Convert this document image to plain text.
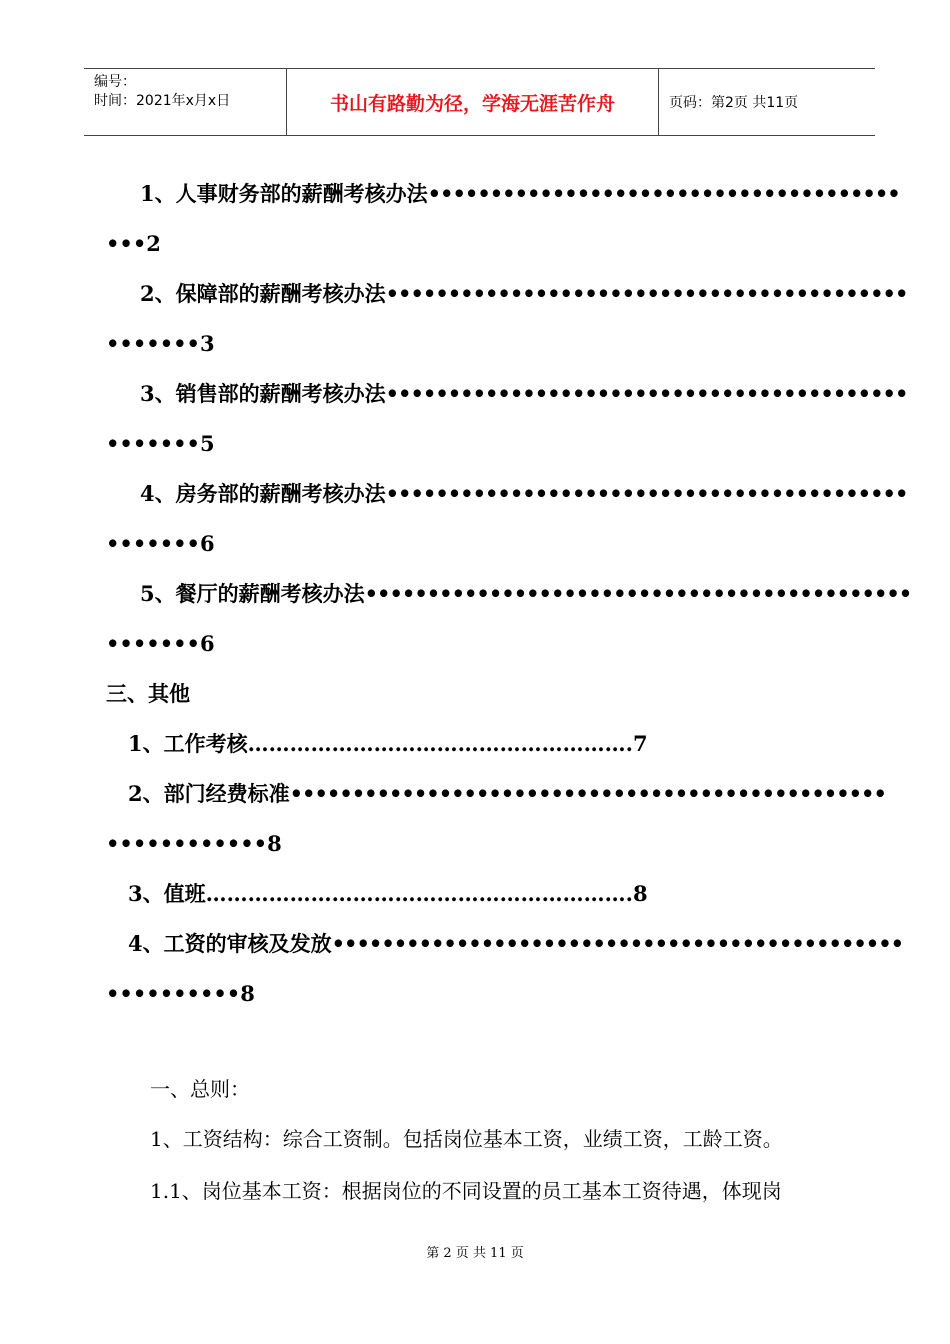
编号：
时间：2021年x月x日	书山有路勤为径，学海无涯苦作舟	页码：第2页 共11页
1、人事财务部的薪酬考核办法••••••••••••••••••••••••••••••••••••••
•••2
2、保障部的薪酬考核办法••••••••••••••••••••••••••••••••••••••••••
•••••••3
3、销售部的薪酬考核办法••••••••••••••••••••••••••••••••••••••••••
•••••••5
4、房务部的薪酬考核办法••••••••••••••••••••••••••••••••••••••••••
•••••••6
5、餐厅的薪酬考核办法••••••••••••••••••••••••••••••••••••••••••••
•••••••6
三、其他
1、工作考核……………………………………………….7
2、部门经费标准••••••••••••••••••••••••••••••••••••••••••••••••
••••••••••••8
3、值班…………………………………………………….8
4、工资的审核及发放••••••••••••••••••••••••••••••••••••••••••••••
••••••••••8
一、总则：
1、工资结构：综合工资制。包括岗位基本工资，业绩工资，工龄工资。
1.1、岗位基本工资：根据岗位的不同设置的员工基本工资待遇，体现岗
第 2 页 共 11 页
